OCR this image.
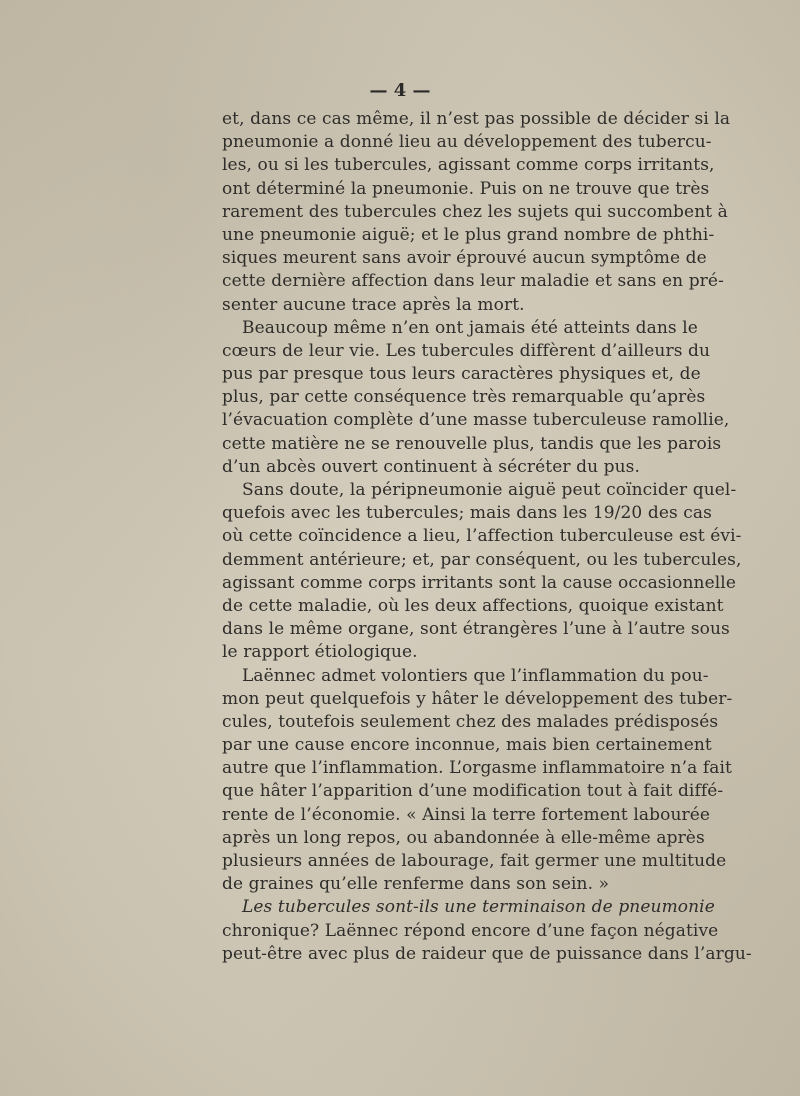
— 4 —
et, dans ce cas même, il n’est pas possible de décider si la
pneumonie a donné lieu au développement des tubercu-
les, ou si les tubercules, agissant comme corps irritants,
ont déterminé la pneumonie. Puis on ne trouve que très
rarement des tubercules chez les sujets qui succombent à
une pneumonie aiguë; et le plus grand nombre de phthi-
siques meurent sans avoir éprouvé aucun symptôme de
cette dernière affection dans leur maladie et sans en pré-
senter aucune trace après la mort.
Beaucoup même n’en ont jamais été atteints dans le
cœurs de leur vie. Les tubercules diffèrent d’ailleurs du
pus par presque tous leurs caractères physiques et, de
plus, par cette conséquence très remarquable qu’après
l’évacuation complète d’une masse tuberculeuse ramollie,
cette matière ne se renouvelle plus, tandis que les parois
d’un abcès ouvert continuent à sécréter du pus.
Sans doute, la péripneumonie aiguë peut coïncider quel-
quefois avec les tubercules; mais dans les 19/20 des cas
où cette coïncidence a lieu, l’affection tuberculeuse est évi-
demment antérieure; et, par conséquent, ou les tubercules,
agissant comme corps irritants sont la cause occasionnelle
de cette maladie, où les deux affections, quoique existant
dans le même organe, sont étrangères l’une à l’autre sous
le rapport étiologique.
Laënnec admet volontiers que l’inflammation du pou-
mon peut quelquefois y hâter le développement des tuber-
cules, toutefois seulement chez des malades prédisposés
par une cause encore inconnue, mais bien certainement
autre que l’inflammation. L’orgasme inflammatoire n’a fait
que hâter l’apparition d’une modification tout à fait diffé-
rente de l’économie. « Ainsi la terre fortement labourée
après un long repos, ou abandonnée à elle-même après
plusieurs années de labourage, fait germer une multitude
de graines qu’elle renferme dans son sein. »
Les tubercules sont-ils une terminaison de pneumonie
chronique? Laënnec répond encore d’une façon négative
peut-être avec plus de raideur que de puissance dans l’argu-
